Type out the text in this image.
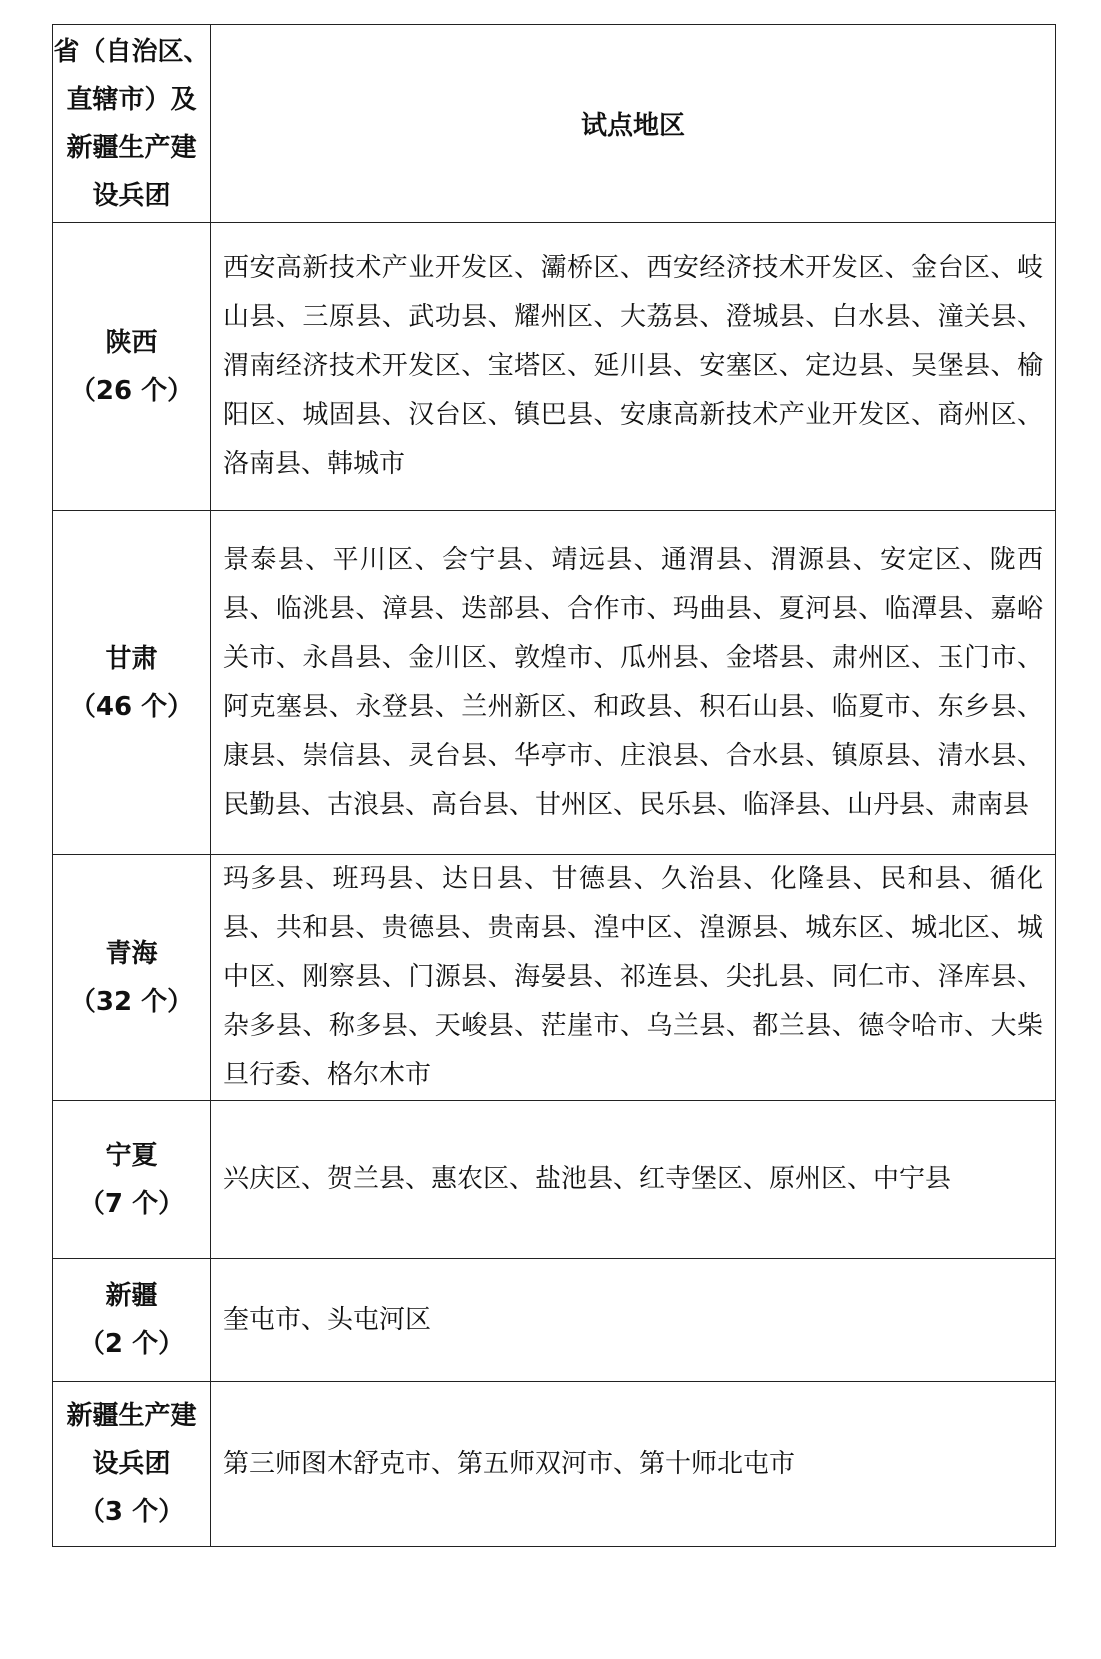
省（自治区、
直辖市）及
新疆生产建
设兵团	试点地区

陕西
（26 个）	西安高新技术产业开发区、灞桥区、西安经济技术开发区、金台区、岐山县、三原县、武功县、耀州区、大荔县、澄城县、白水县、潼关县、渭南经济技术开发区、宝塔区、延川县、安塞区、定边县、吴堡县、榆阳区、城固县、汉台区、镇巴县、安康高新技术产业开发区、商州区、洛南县、韩城市

甘肃
（46 个）	景泰县、平川区、会宁县、靖远县、通渭县、渭源县、安定区、陇西县、临洮县、漳县、迭部县、合作市、玛曲县、夏河县、临潭县、嘉峪关市、永昌县、金川区、敦煌市、瓜州县、金塔县、肃州区、玉门市、阿克塞县、永登县、兰州新区、和政县、积石山县、临夏市、东乡县、康县、崇信县、灵台县、华亭市、庄浪县、合水县、镇原县、清水县、民勤县、古浪县、高台县、甘州区、民乐县、临泽县、山丹县、肃南县

青海
（32 个）	玛多县、班玛县、达日县、甘德县、久治县、化隆县、民和县、循化县、共和县、贵德县、贵南县、湟中区、湟源县、城东区、城北区、城中区、刚察县、门源县、海晏县、祁连县、尖扎县、同仁市、泽库县、杂多县、称多县、天峻县、茫崖市、乌兰县、都兰县、德令哈市、大柴旦行委、格尔木市

宁夏
（7 个）	兴庆区、贺兰县、惠农区、盐池县、红寺堡区、原州区、中宁县

新疆
（2 个）	奎屯市、头屯河区

新疆生产建
设兵团
（3 个）	第三师图木舒克市、第五师双河市、第十师北屯市
